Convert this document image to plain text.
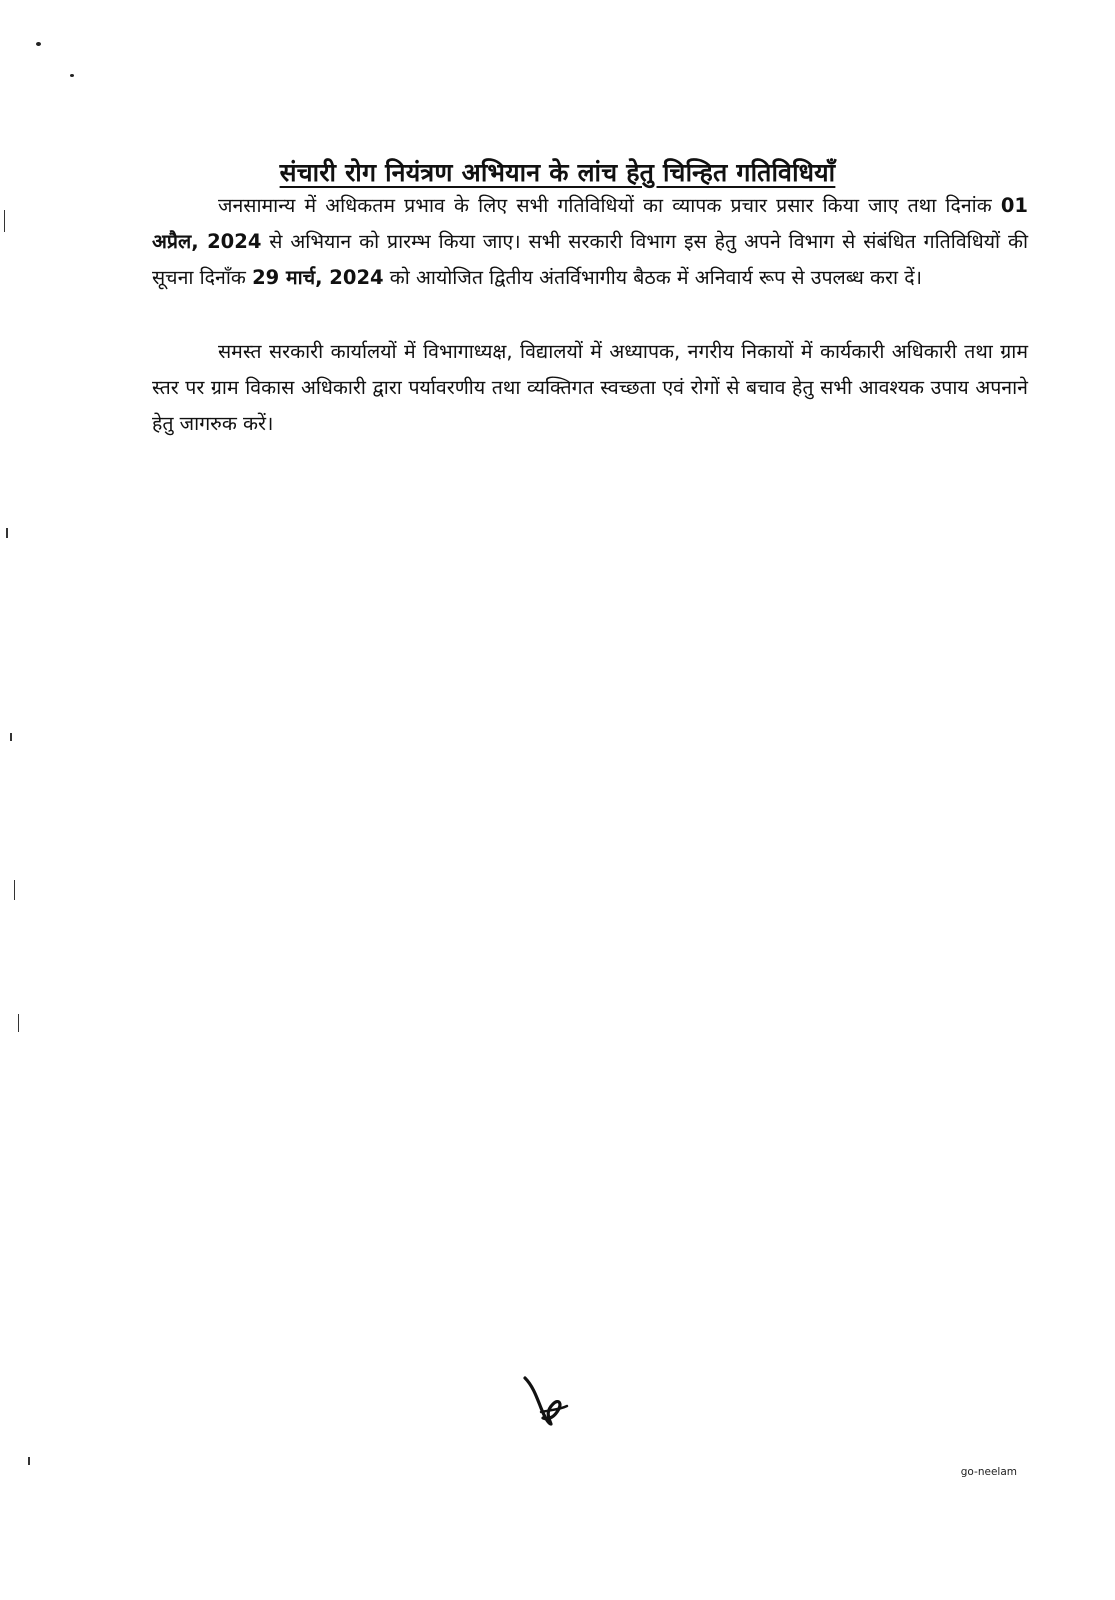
संचारी रोग नियंत्रण अभियान के लांच हेतु चिन्हित गतिविधियाँ

जनसामान्य में अधिकतम प्रभाव के लिए सभी गतिविधियों का व्यापक प्रचार प्रसार किया जाए तथा दिनांक 01 अप्रैल, 2024 से अभियान को प्रारम्भ किया जाए। सभी सरकारी विभाग इस हेतु अपने विभाग से संबंधित गतिविधियों की सूचना दिनाँक 29 मार्च, 2024 को आयोजित द्वितीय अंतर्विभागीय बैठक में अनिवार्य रूप से उपलब्ध करा दें।

समस्त सरकारी कार्यालयों में विभागाध्यक्ष, विद्यालयों में अध्यापक, नगरीय निकायों में कार्यकारी अधिकारी तथा ग्राम स्तर पर ग्राम विकास अधिकारी द्वारा पर्यावरणीय तथा व्यक्तिगत स्वच्छता एवं रोगों से बचाव हेतु सभी आवश्यक उपाय अपनाने हेतु जागरुक करें।

go-neelam
